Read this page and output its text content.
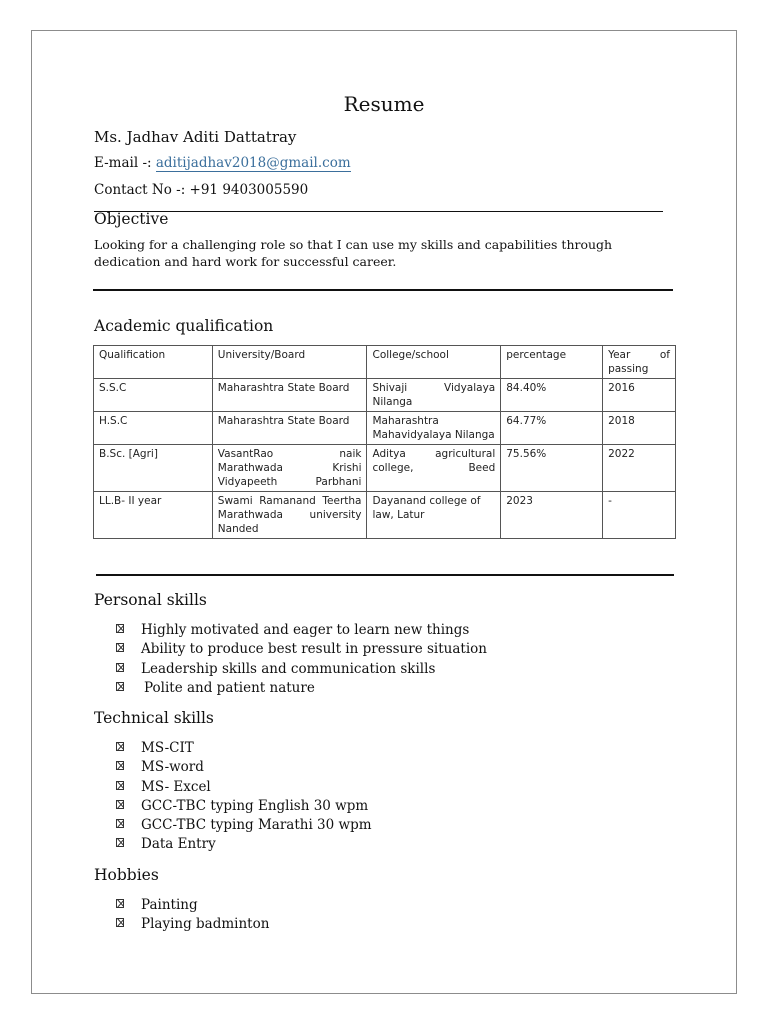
Resume
Ms. Jadhav Aditi Dattatray
E-mail -: aditijadhav2018@gmail.com
Contact No -: +91 9403005590
Objective
Looking for a challenging role so that I can use my skills and capabilities through
dedication and hard work for successful career.
Academic qualification
Qualification	University/Board	College/school	percentage	Year of passing
S.S.C	Maharashtra State Board	Shivaji Vidyalaya Nilanga	84.40%	2016
H.S.C	Maharashtra State Board	Maharashtra Mahavidyalaya Nilanga	64.77%	2018
B.Sc. [Agri]	VasantRao naik Marathwada Krishi Vidyapeeth Parbhani	Aditya agricultural college, Beed	75.56%	2022
LL.B- II year	Swami Ramanand Teertha Marathwada university Nanded	Dayanand college of law, Latur	2023	-
Personal skills
Highly motivated and eager to learn new things
Ability to produce best result in pressure situation
Leadership skills and communication skills
Polite and patient nature
Technical skills
MS-CIT
MS-word
MS- Excel
GCC-TBC typing English 30 wpm
GCC-TBC typing Marathi 30 wpm
Data Entry
Hobbies
Painting
Playing badminton
